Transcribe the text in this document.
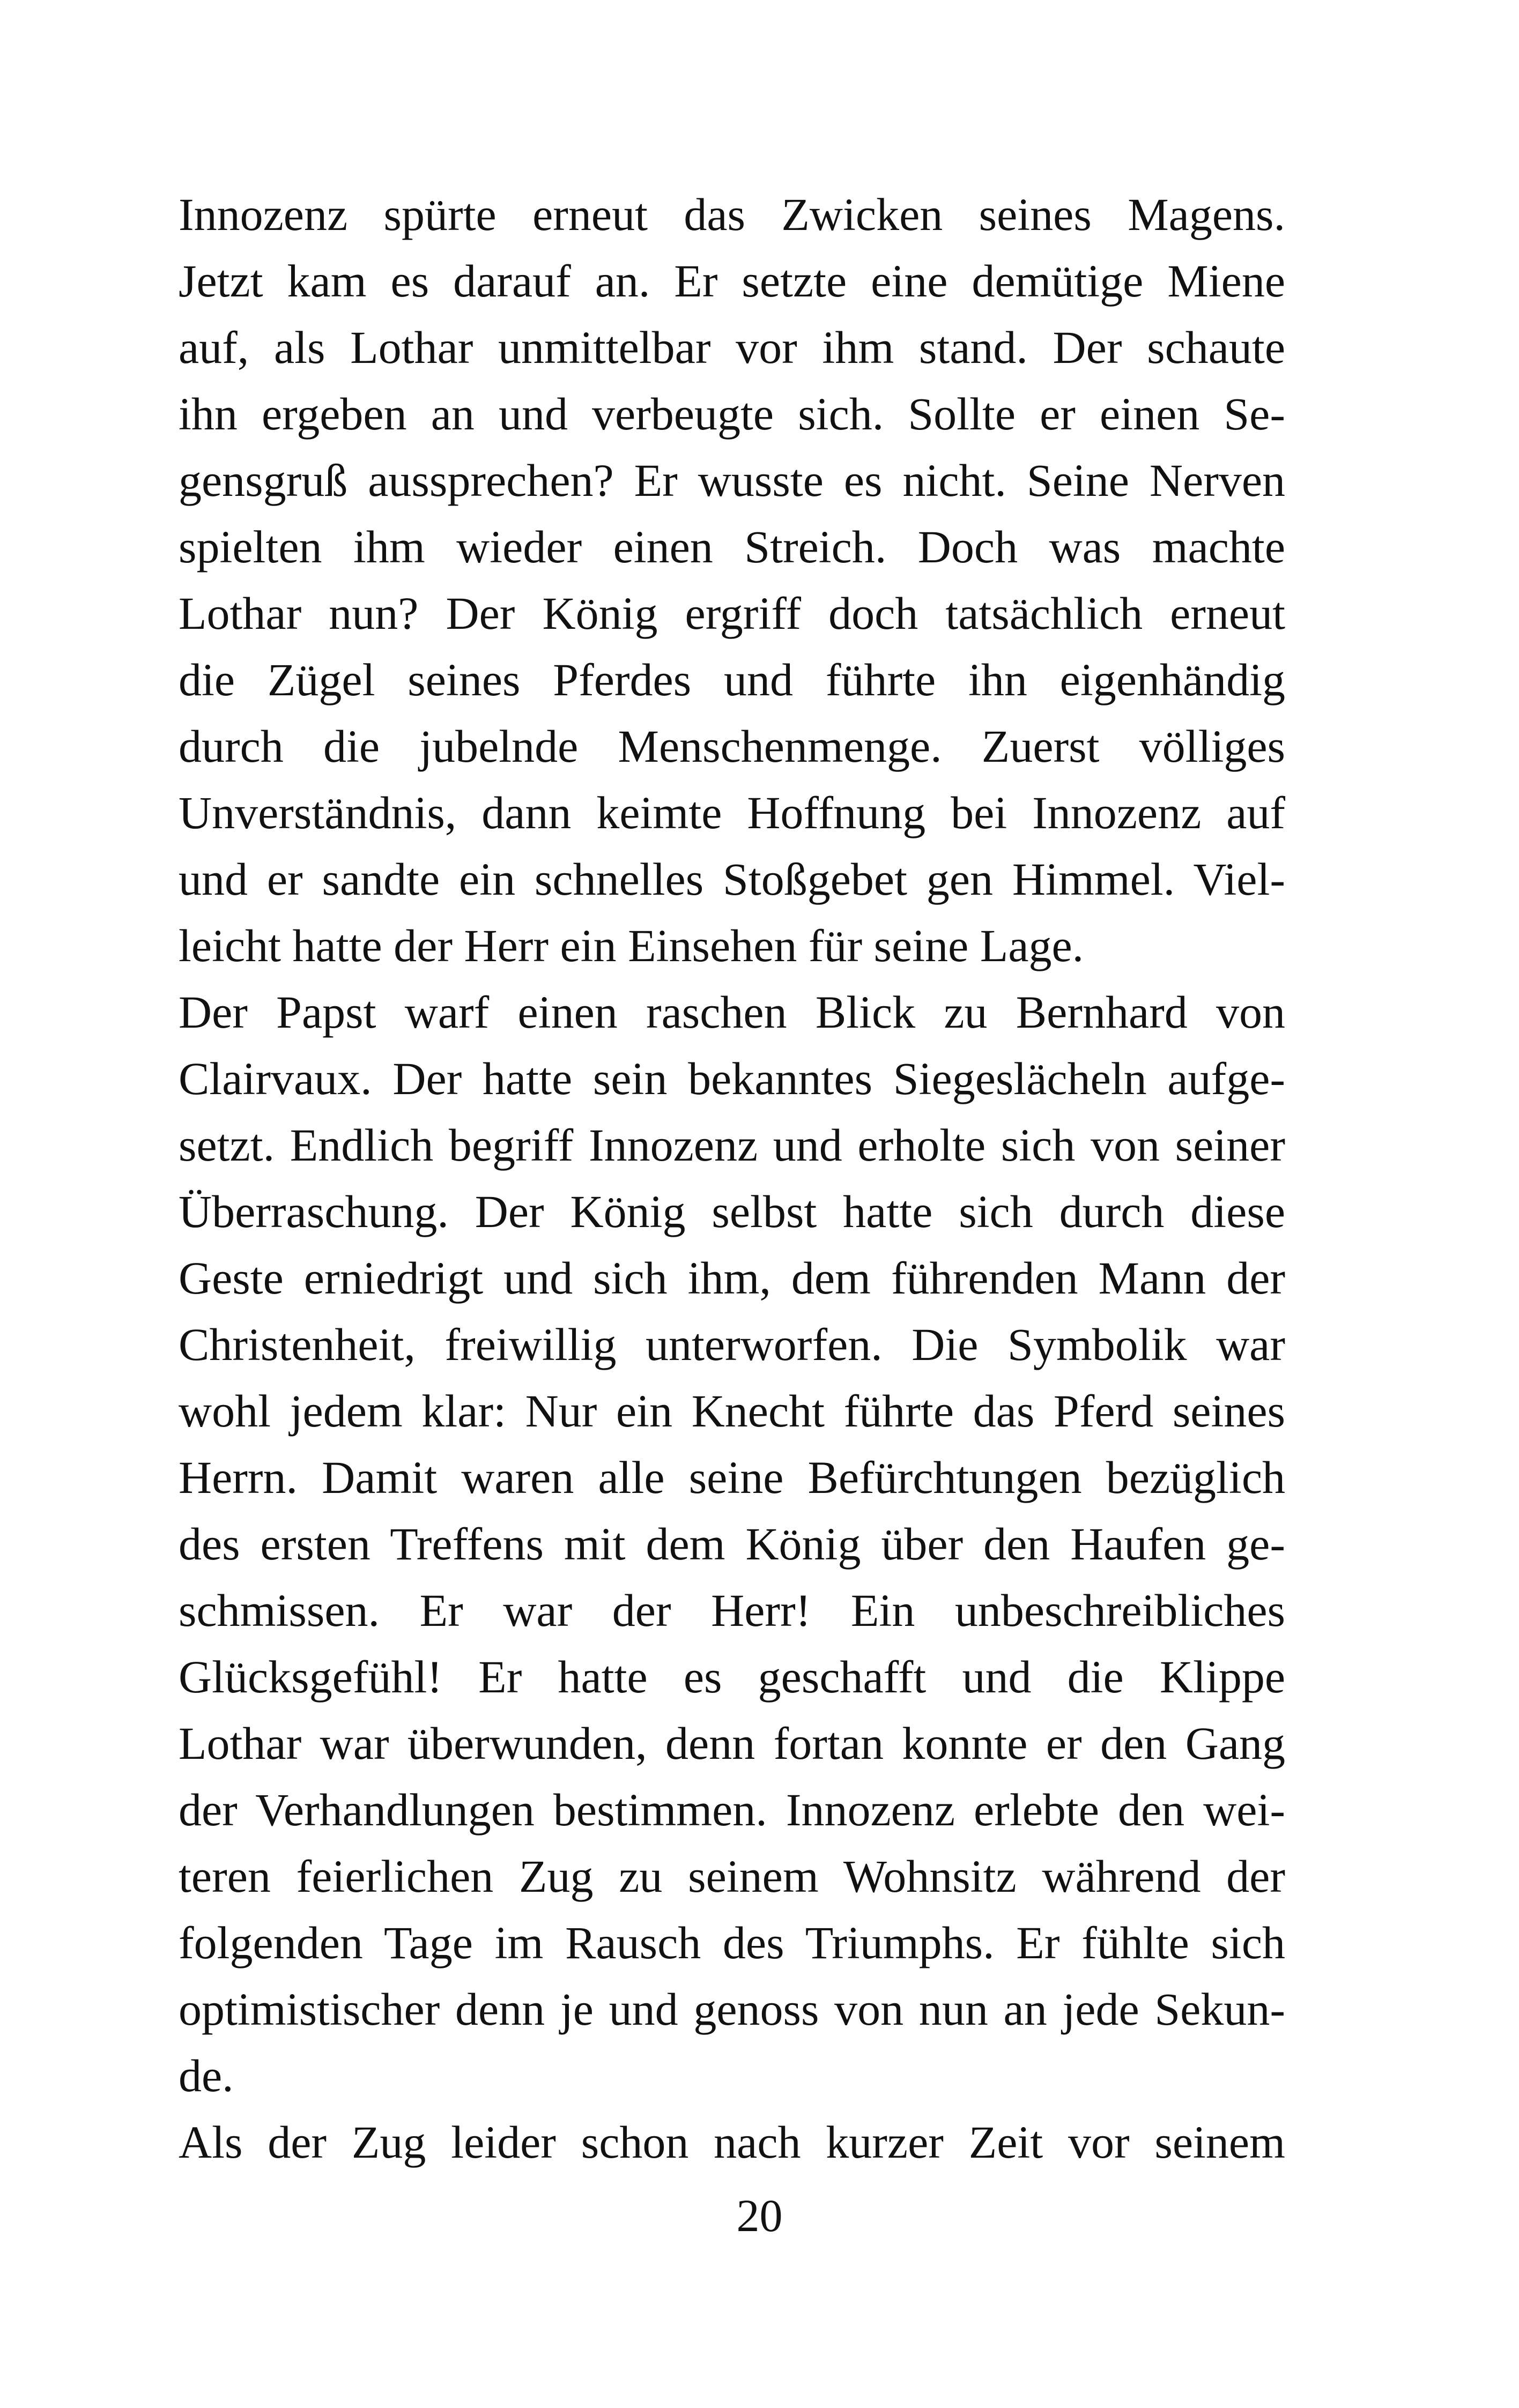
Innozenz spürte erneut das Zwicken seines Magens.
Jetzt kam es darauf an. Er setzte eine demütige Miene
auf, als Lothar unmittelbar vor ihm stand. Der schaute
ihn ergeben an und verbeugte sich. Sollte er einen Se-
gensgruß aussprechen? Er wusste es nicht. Seine Nerven
spielten ihm wieder einen Streich. Doch was machte
Lothar nun? Der König ergriff doch tatsächlich erneut
die Zügel seines Pferdes und führte ihn eigenhändig
durch die jubelnde Menschenmenge. Zuerst völliges
Unverständnis, dann keimte Hoffnung bei Innozenz auf
und er sandte ein schnelles Stoßgebet gen Himmel. Viel-
leicht hatte der Herr ein Einsehen für seine Lage.
Der Papst warf einen raschen Blick zu Bernhard von
Clairvaux. Der hatte sein bekanntes Siegeslächeln aufge-
setzt. Endlich begriff Innozenz und erholte sich von seiner
Überraschung. Der König selbst hatte sich durch diese
Geste erniedrigt und sich ihm, dem führenden Mann der
Christenheit, freiwillig unterworfen. Die Symbolik war
wohl jedem klar: Nur ein Knecht führte das Pferd seines
Herrn. Damit waren alle seine Befürchtungen bezüglich
des ersten Treffens mit dem König über den Haufen ge-
schmissen. Er war der Herr! Ein unbeschreibliches
Glücksgefühl! Er hatte es geschafft und die Klippe
Lothar war überwunden, denn fortan konnte er den Gang
der Verhandlungen bestimmen. Innozenz erlebte den wei-
teren feierlichen Zug zu seinem Wohnsitz während der
folgenden Tage im Rausch des Triumphs. Er fühlte sich
optimistischer denn je und genoss von nun an jede Sekun-
de.
Als der Zug leider schon nach kurzer Zeit vor seinem
20
